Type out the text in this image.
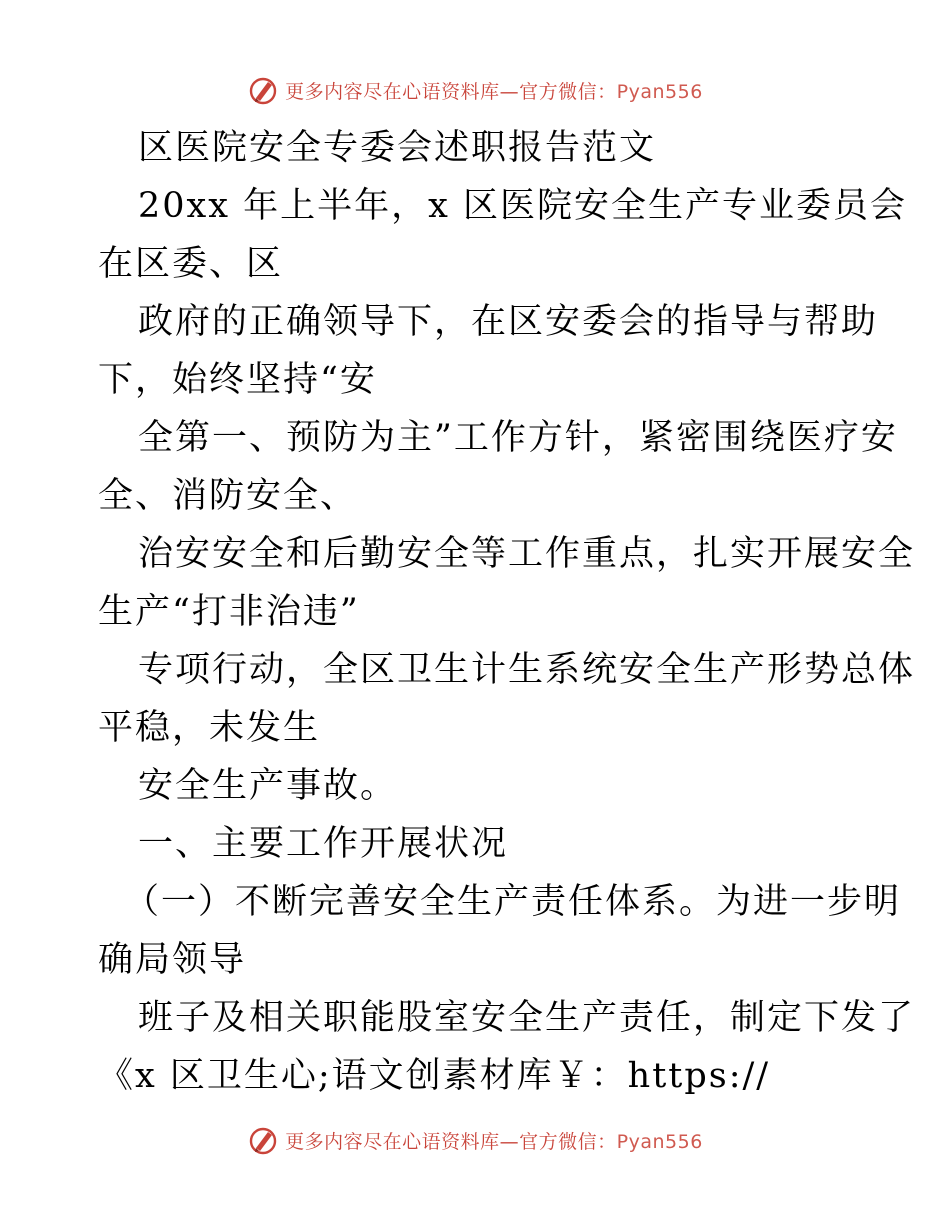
更多内容尽在心语资料库—官方微信：Pyan556
区医院安全专委会述职报告范文
20xx 年上半年，x 区医院安全生产专业委员会
在区委、区
政府的正确领导下，在区安委会的指导与帮助
下，始终坚持“安
全第一、预防为主”工作方针，紧密围绕医疗安
全、消防安全、
治安安全和后勤安全等工作重点，扎实开展安全
生产“打非治违”
专项行动，全区卫生计生系统安全生产形势总体
平稳，未发生
安全生产事故。
一、主要工作开展状况
（一）不断完善安全生产责任体系。为进一步明
确局领导
班子及相关职能股室安全生产责任，制定下发了
《x 区卫生心;语文创素材库￥：https://
更多内容尽在心语资料库—官方微信：Pyan556
